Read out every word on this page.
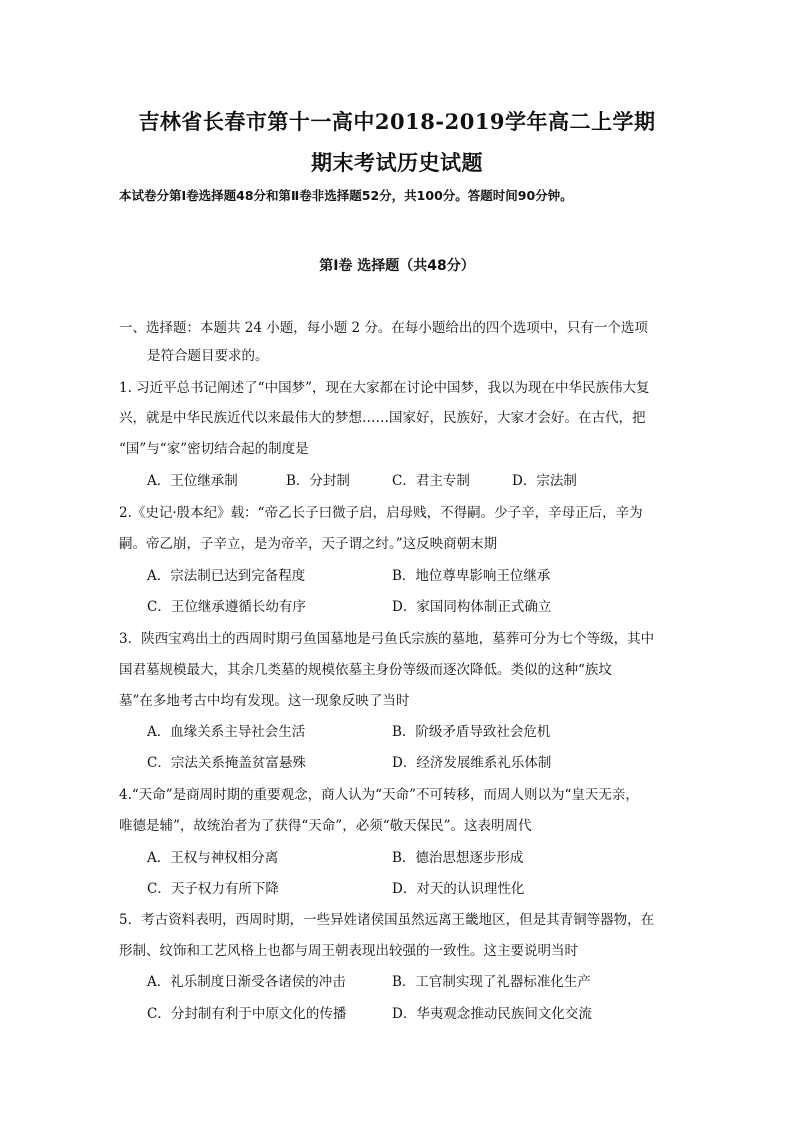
吉林省长春市第十一高中2018-2019学年高二上学期
期末考试历史试题
本试卷分第Ⅰ卷选择题48分和第Ⅱ卷非选择题52分，共100分。答题时间90分钟。
第Ⅰ卷 选择题（共48分）
一、选择题：本题共 24 小题，每小题 2 分。在每小题给出的四个选项中，只有一个选项
是符合题目要求的。
1. 习近平总书记阐述了“中国梦”，现在大家都在讨论中国梦，我以为现在中华民族伟大复
兴，就是中华民族近代以来最伟大的梦想……国家好，民族好，大家才会好。在古代，把
“国”与“家”密切结合起的制度是
A．王位继承制	B．分封制	C．君主专制	D．宗法制
2.《史记·殷本纪》载：“帝乙长子曰微子启，启母贱，不得嗣。少子辛，辛母正后，辛为
嗣。帝乙崩，子辛立，是为帝辛，天子谓之纣。”这反映商朝末期
A．宗法制已达到完备程度	B．地位尊卑影响王位继承
C．王位继承遵循长幼有序	D．家国同构体制正式确立
3．陕西宝鸡出土的西周时期弓鱼国墓地是弓鱼氏宗族的墓地，墓葬可分为七个等级，其中
国君墓规模最大，其余几类墓的规模依墓主身份等级而逐次降低。类似的这种“族坟
墓”在多地考古中均有发现。这一现象反映了当时
A．血缘关系主导社会生活	B．阶级矛盾导致社会危机
C．宗法关系掩盖贫富悬殊	D．经济发展维系礼乐体制
4.“天命”是商周时期的重要观念，商人认为“天命”不可转移，而周人则以为“皇天无亲，
唯德是辅”，故统治者为了获得“天命”，必须“敬天保民”。这表明周代
A．王权与神权相分离	B．德治思想逐步形成
C．天子权力有所下降	D．对天的认识理性化
5．考古资料表明，西周时期，一些异姓诸侯国虽然远离王畿地区，但是其青铜等器物，在
形制、纹饰和工艺风格上也都与周王朝表现出较强的一致性。这主要说明当时
A．礼乐制度日渐受各诸侯的冲击	B．工官制实现了礼器标准化生产
C．分封制有利于中原文化的传播	D．华夷观念推动民族间文化交流
